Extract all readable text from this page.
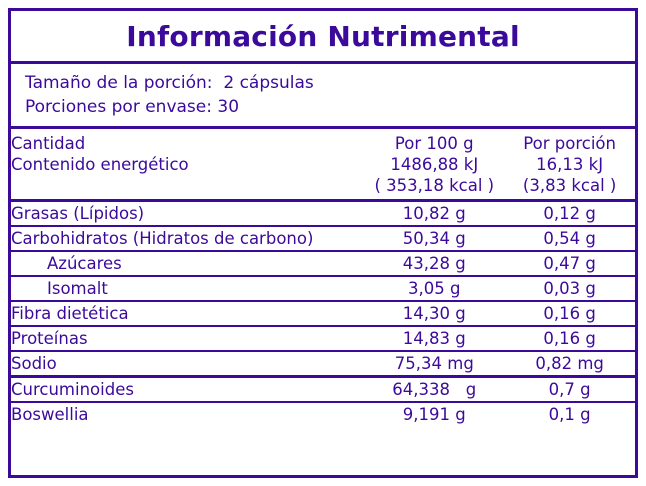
Información Nutrimental
Tamaño de la porción: 2 cápsulas
Porciones por envase: 30
Cantidad	Por 100 g	Por porción
Contenido energético	1486,88 kJ	16,13 kJ
	( 353,18 kcal )	(3,83 kcal )

Grasas (Lípidos)	10,82 g	0,12 g

Carbohidratos (Hidratos de carbono)	50,34 g	0,54 g

Azúcares	43,28 g	0,47 g

Isomalt	3,05 g	0,03 g

Fibra dietética	14,30 g	0,16 g

Proteínas	14,83 g	0,16 g

Sodio	75,34 mg	0,82 mg

Curcuminoides	64,338   g	0,7 g

Boswellia	9,191 g	0,1 g
